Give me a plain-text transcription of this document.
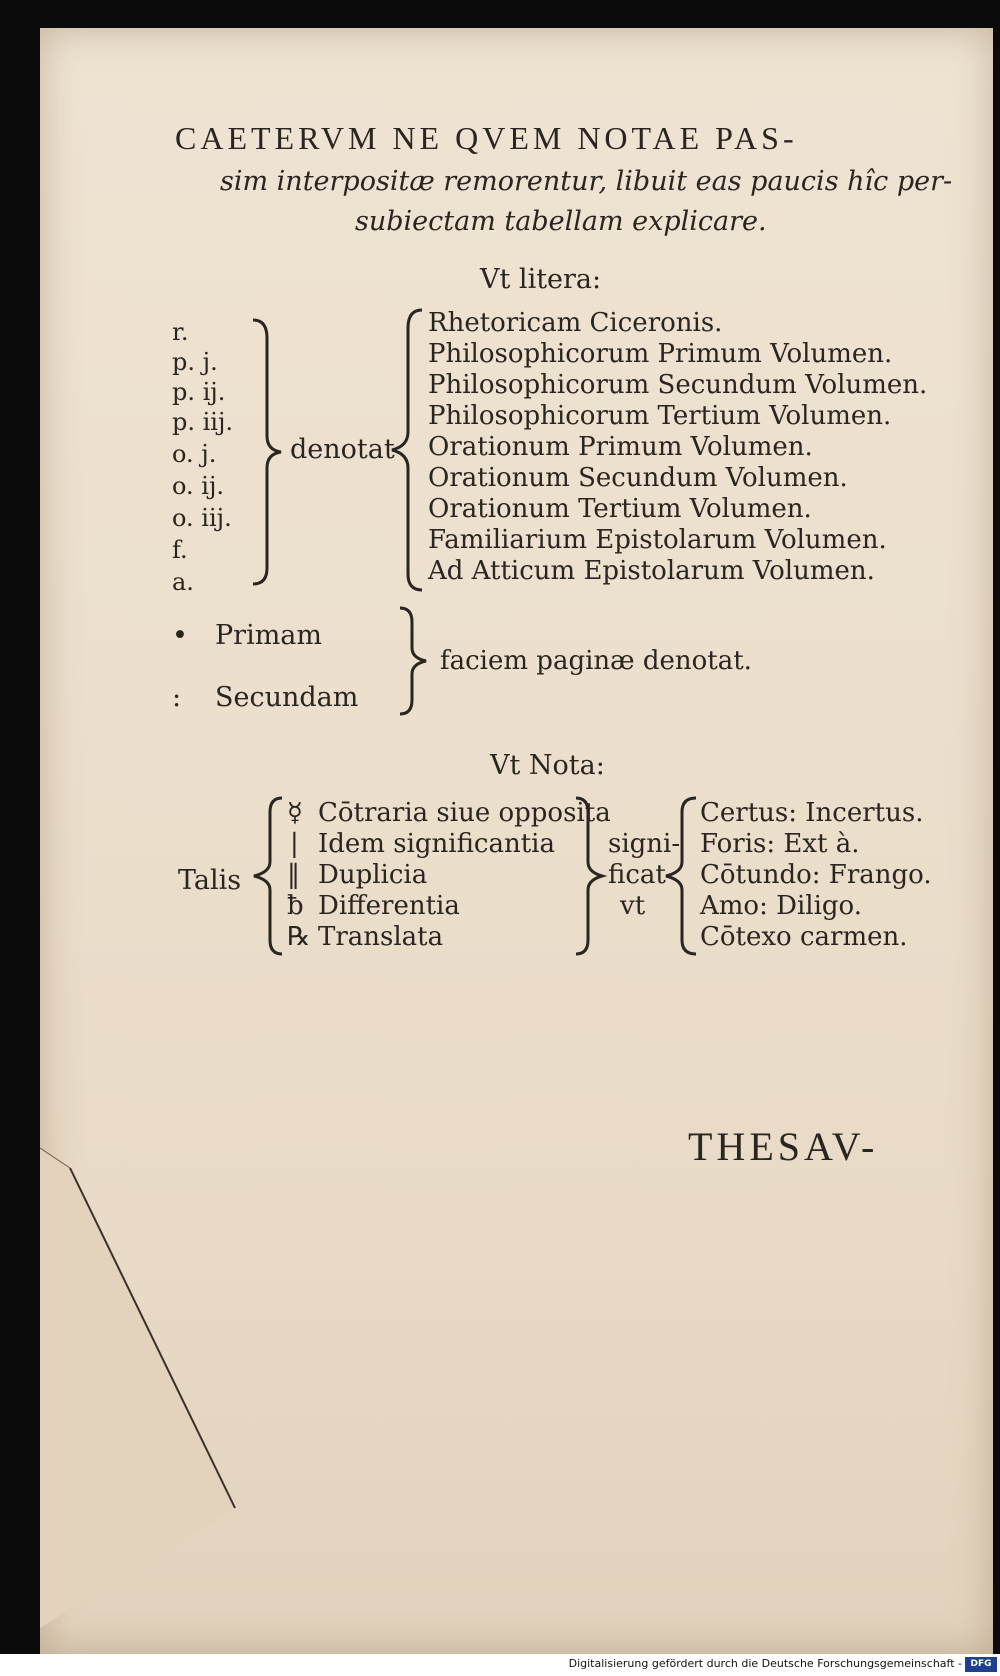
CAETERVM NE QVEM NOTAE PAS-
sim interpositæ remorentur, libuit eas paucis hîc per-
subiectam tabellam explicare.
Vt litera:
r.
p. j.
p. ij.
p. iij.
o. j.
o. ij.
o. iij.
f.
a.
denotat
Rhetoricam Ciceronis.
Philosophicorum Primum Volumen.
Philosophicorum Secundum Volumen.
Philosophicorum Tertium Volumen.
Orationum Primum Volumen.
Orationum Secundum Volumen.
Orationum Tertium Volumen.
Familiarium Epistolarum Volumen.
Ad Atticum Epistolarum Volumen.
• Primam
: Secundam
faciem paginæ denotat.
Vt Nota:
Talis
☿
|
‖
ƀ
℞
Cōtraria siue opposita
Idem significantia
Duplicia
Differentia
Translata
signi-
ficat
vt
Certus: Incertus.
Foris: Ext à.
Cōtundo: Frango.
Amo: Diligo.
Cōtexo carmen.
THESAV-
Digitalisierung gefördert durch die Deutsche Forschungsgemeinschaft - DFG
